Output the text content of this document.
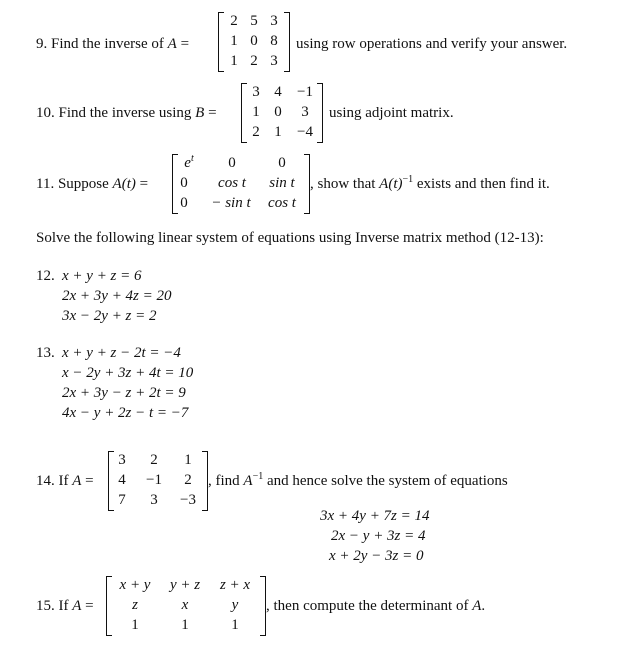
9. Find the inverse of A =
2 5 3
1 0 8
1 2 3
using row operations and verify your answer.
10. Find the inverse using B =
3 4	−1
1 0	3
2 1	−4
using adjoint matrix.
11. Suppose A(t) =
$e^t$	0	0
0	cos t	sin t
0	− sin t	cos t
, show that $A(t)^{-1}$ exists and then find it.
Solve the following linear system of equations using Inverse matrix method (12-13):
12. x + y + z = 6
2x + 3y + 4z = 20
3x − 2y + z = 2
13. x + y + z − 2t = −4
x − 2y + 3z + 4t = 10
2x + 3y − z + 2t = 9
4x − y + 2z − t = −7
14. If A =
3	2	1
4	−1	2
7	3	−3
, find $A^{-1}$ and hence solve the system of equations
3x + 4y + 7z = 14
2x − y + 3z = 4
x + 2y − 3z = 0
15. If A =
x + y	y + z	z + x
z	x	y
1	1	1
, then compute the determinant of A.
